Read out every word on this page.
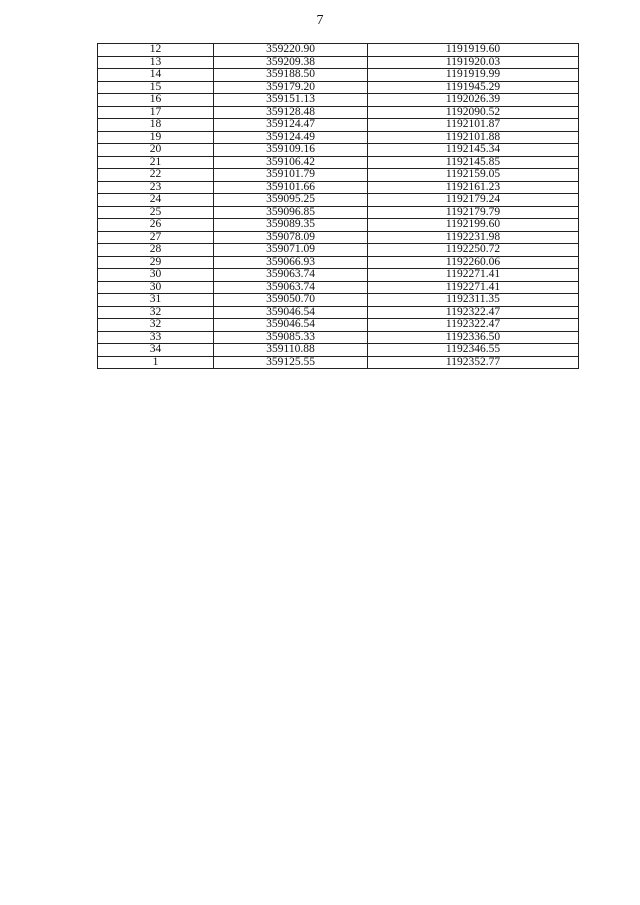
7
12	359220.90	1191919.60
13	359209.38	1191920.03
14	359188.50	1191919.99
15	359179.20	1191945.29
16	359151.13	1192026.39
17	359128.48	1192090.52
18	359124.47	1192101.87
19	359124.49	1192101.88
20	359109.16	1192145.34
21	359106.42	1192145.85
22	359101.79	1192159.05
23	359101.66	1192161.23
24	359095.25	1192179.24
25	359096.85	1192179.79
26	359089.35	1192199.60
27	359078.09	1192231.98
28	359071.09	1192250.72
29	359066.93	1192260.06
30	359063.74	1192271.41
30	359063.74	1192271.41
31	359050.70	1192311.35
32	359046.54	1192322.47
32	359046.54	1192322.47
33	359085.33	1192336.50
34	359110.88	1192346.55
1	359125.55	1192352.77
